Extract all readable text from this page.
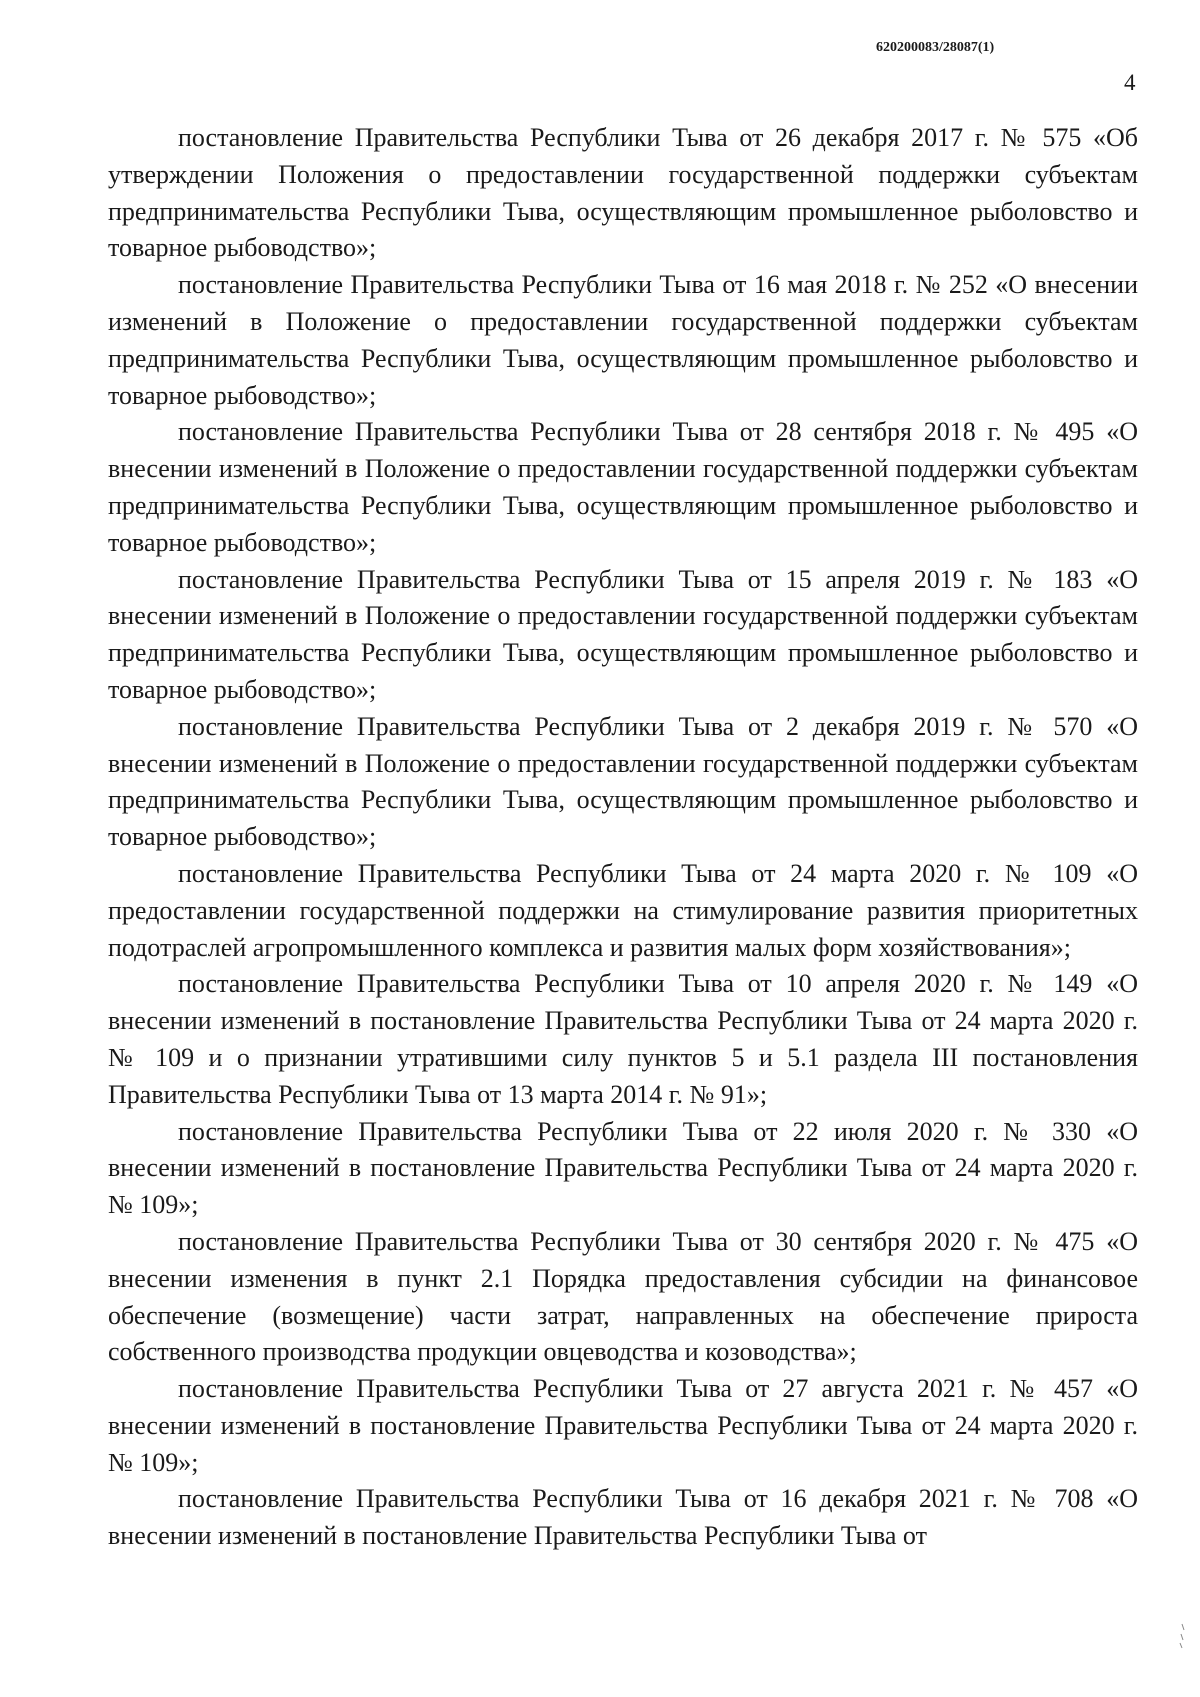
620200083/28087(1)
4

постановление Правительства Республики Тыва от 26 декабря 2017 г. № 575 «Об утверждении Положения о предоставлении государственной поддержки субъектам предпринимательства Республики Тыва, осуществляющим промышленное рыболовство и товарное рыбоводство»;

постановление Правительства Республики Тыва от 16 мая 2018 г. № 252 «О внесении изменений в Положение о предоставлении государственной поддержки субъектам предпринимательства Республики Тыва, осуществляющим промышленное рыболовство и товарное рыбоводство»;

постановление Правительства Республики Тыва от 28 сентября 2018 г. № 495 «О внесении изменений в Положение о предоставлении государственной поддержки субъектам предпринимательства Республики Тыва, осуществляющим промышленное рыболовство и товарное рыбоводство»;

постановление Правительства Республики Тыва от 15 апреля 2019 г. № 183 «О внесении изменений в Положение о предоставлении государственной поддержки субъектам предпринимательства Республики Тыва, осуществляющим промышленное рыболовство и товарное рыбоводство»;

постановление Правительства Республики Тыва от 2 декабря 2019 г. № 570 «О внесении изменений в Положение о предоставлении государственной поддержки субъектам предпринимательства Республики Тыва, осуществляющим промышленное рыболовство и товарное рыбоводство»;

постановление Правительства Республики Тыва от 24 марта 2020 г. № 109 «О предоставлении государственной поддержки на стимулирование развития приоритетных подотраслей агропромышленного комплекса и развития малых форм хозяйствования»;

постановление Правительства Республики Тыва от 10 апреля 2020 г. № 149 «О внесении изменений в постановление Правительства Республики Тыва от 24 марта 2020 г. № 109 и о признании утратившими силу пунктов 5 и 5.1 раздела III постановления Правительства Республики Тыва от 13 марта 2014 г. № 91»;

постановление Правительства Республики Тыва от 22 июля 2020 г. № 330 «О внесении изменений в постановление Правительства Республики Тыва от 24 марта 2020 г. № 109»;

постановление Правительства Республики Тыва от 30 сентября 2020 г. № 475 «О внесении изменения в пункт 2.1 Порядка предоставления субсидии на финансовое обеспечение (возмещение) части затрат, направленных на обеспечение прироста собственного производства продукции овцеводства и козоводства»;

постановление Правительства Республики Тыва от 27 августа 2021 г. № 457 «О внесении изменений в постановление Правительства Республики Тыва от 24 марта 2020 г. № 109»;

постановление Правительства Республики Тыва от 16 декабря 2021 г. № 708 «О внесении изменений в постановление Правительства Республики Тыва от
